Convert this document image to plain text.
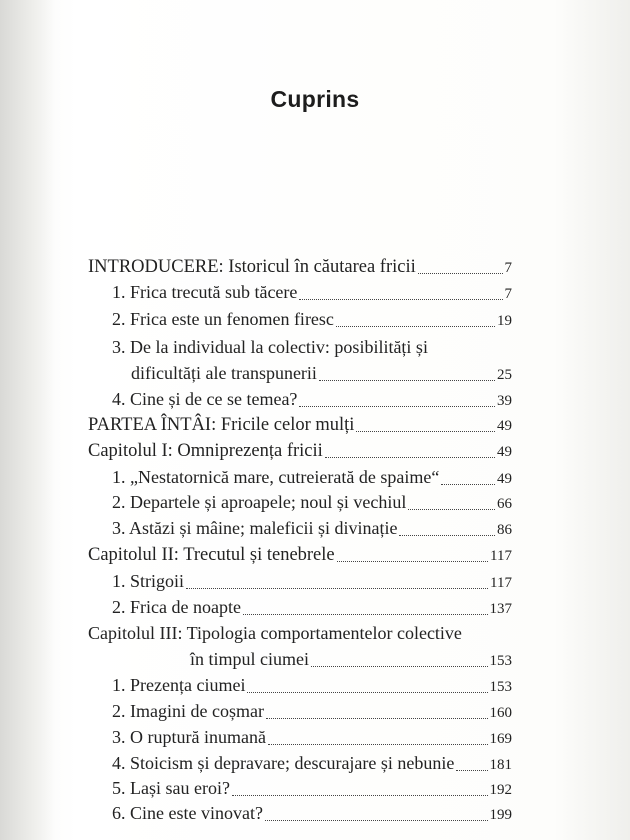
Cuprins
INTRODUCERE: Istoricul în căutarea fricii	7
1. Frica trecută sub tăcere	7
2. Frica este un fenomen firesc	19
3. De la individual la colectiv: posibilități și
dificultăți ale transpunerii	25
4. Cine și de ce se temea?	39
PARTEA ÎNTÂI: Fricile celor mulți	49
Capitolul I: Omniprezența fricii	49
1. „Nestatornică mare, cutreierată de spaime“	49
2. Departele și aproapele; noul și vechiul	66
3. Astăzi și mâine; maleficii și divinație	86
Capitolul II: Trecutul și tenebrele	117
1. Strigoii	117
2. Frica de noapte	137
Capitolul III: Tipologia comportamentelor colective
în timpul ciumei	153
1. Prezența ciumei	153
2. Imagini de coșmar	160
3. O ruptură inumană	169
4. Stoicism și depravare; descurajare și nebunie 181
5. Lași sau eroi?	192
6. Cine este vinovat?	199
